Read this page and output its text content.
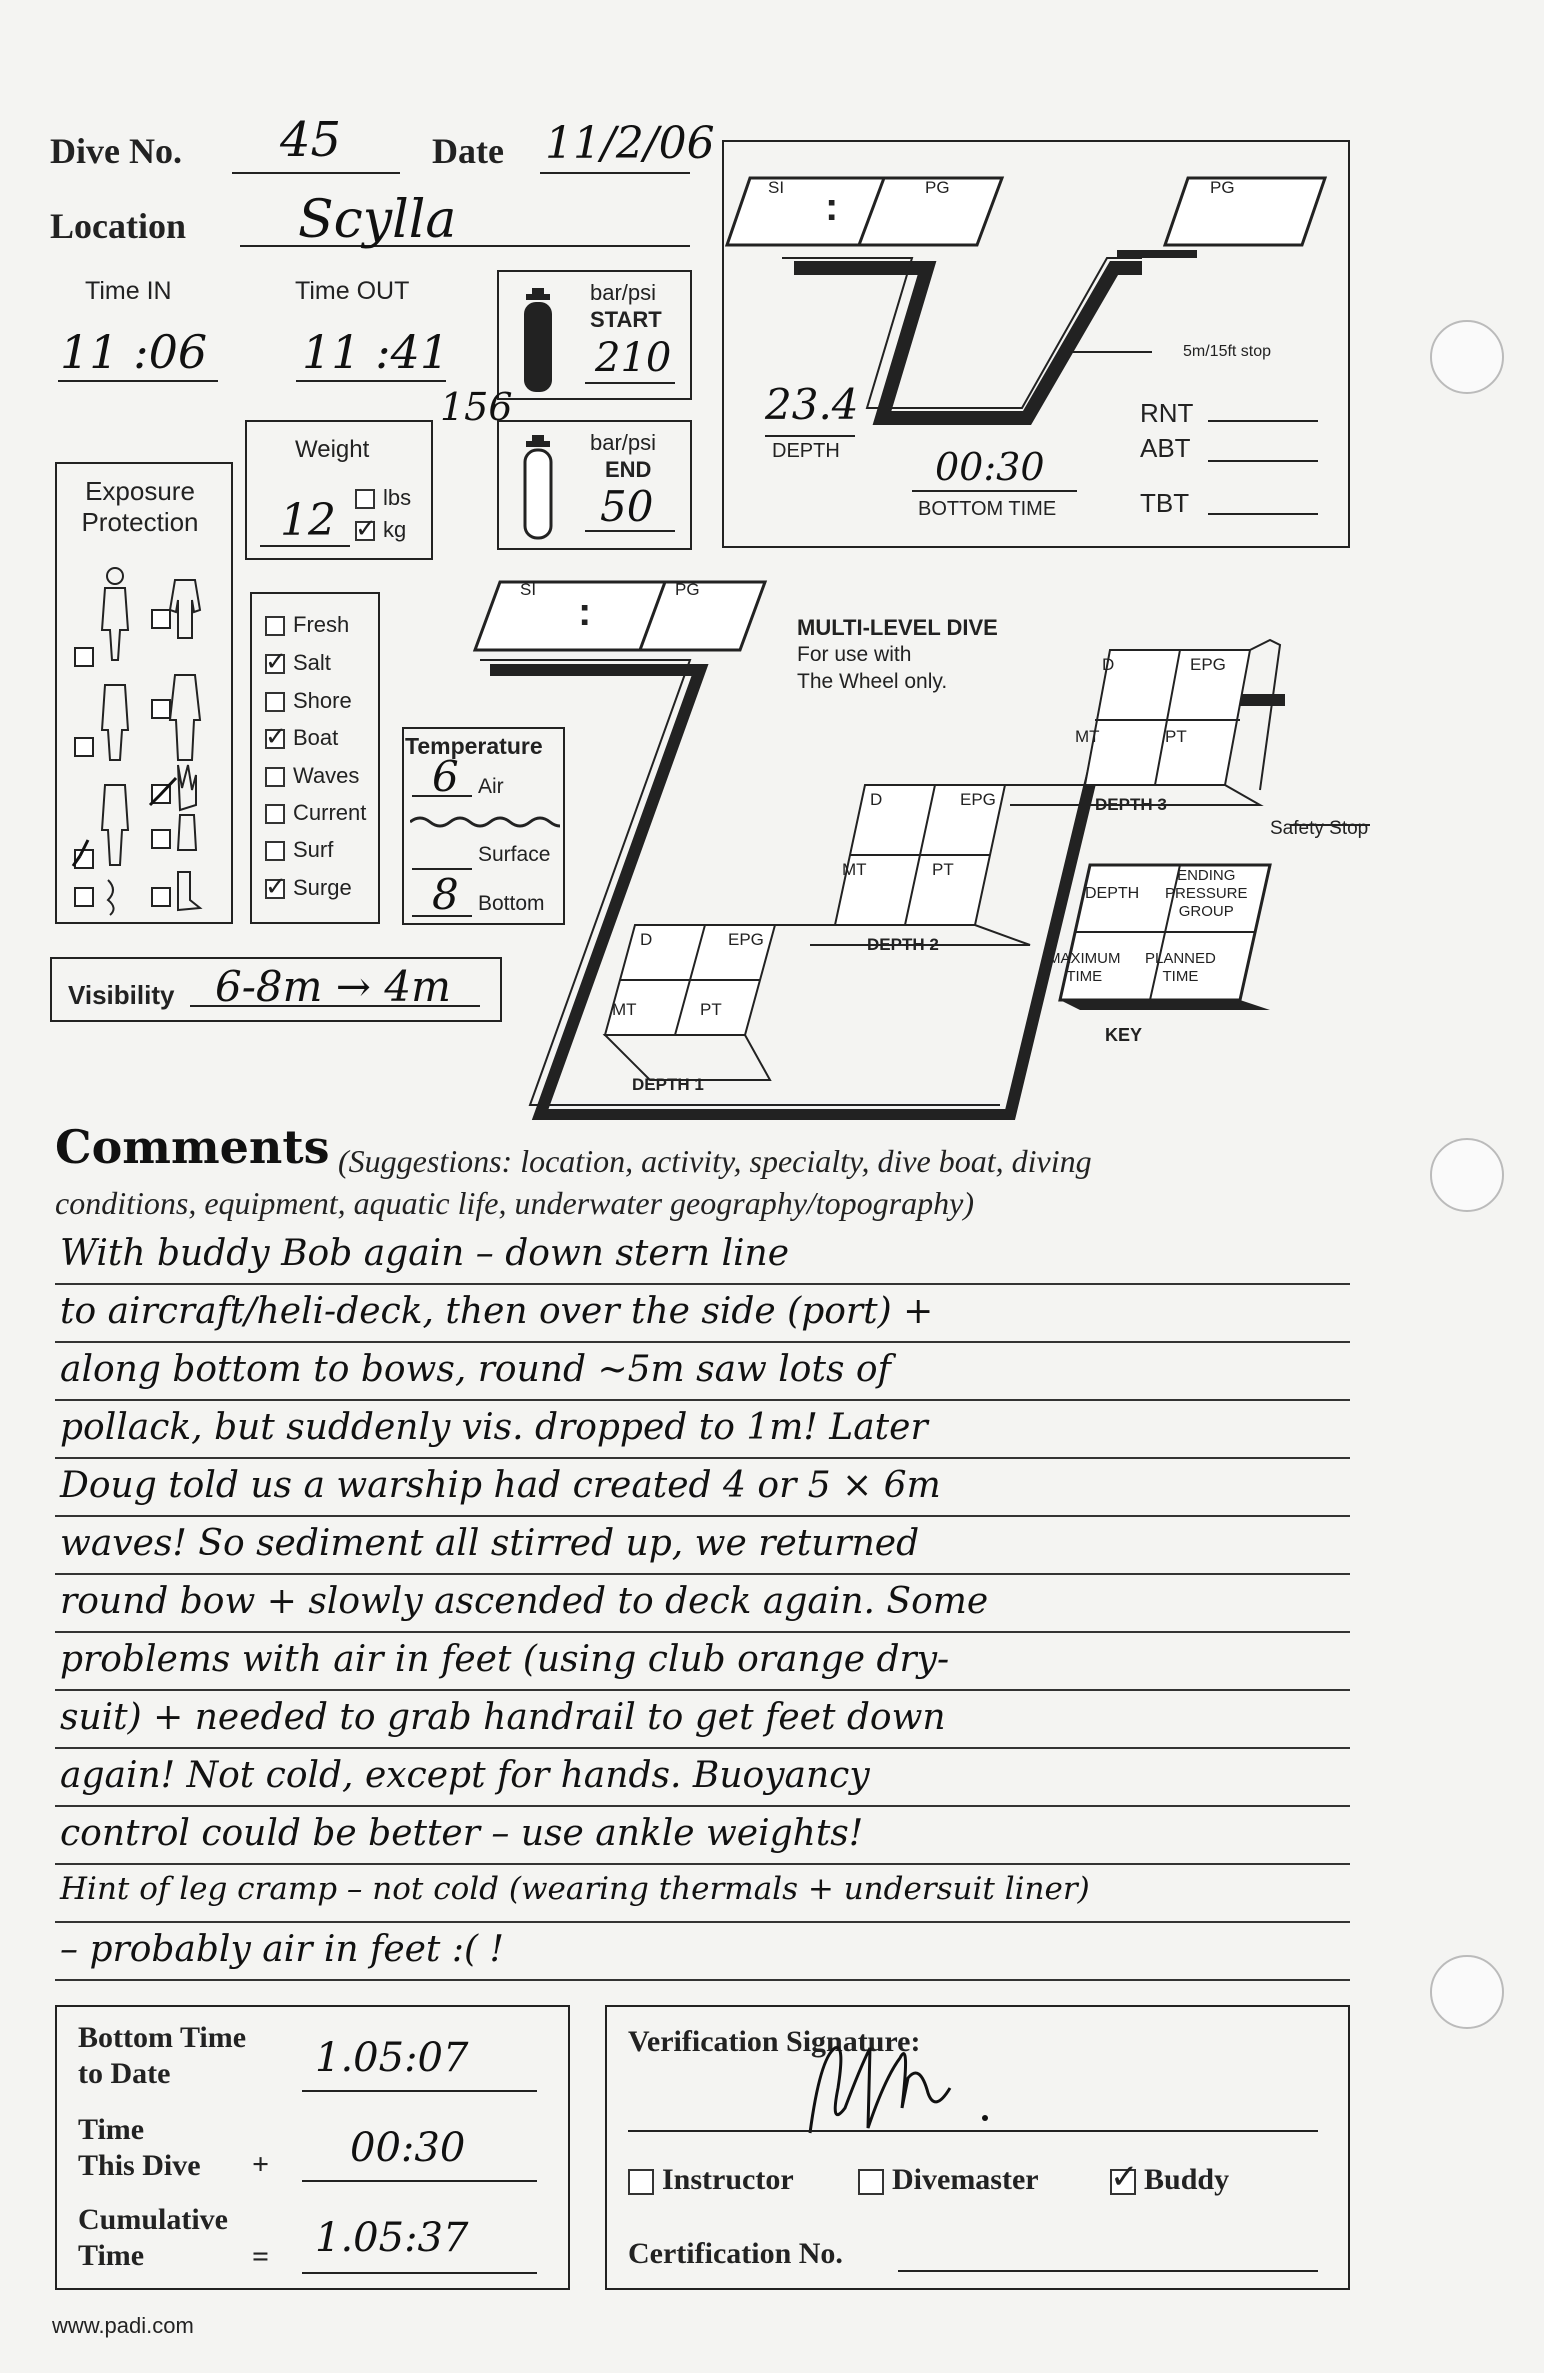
Dive No. 45	Date 11/2/06
Location Scylla
Time IN
11 :06
Time OUT
11 :41
bar/psi
START
210
156
bar/psi
END
50
Weight
12	lbs
✓ kg
Exposure
Protection
Fresh
✓ Salt
Shore
✓ Boat
Waves
Current
Surf
✓ Surge
Temperature
6 Air
Surface
8 Bottom
Visibility 6-8m → 4m
SI :	PG	PG
5m/15ft stop
23.4
DEPTH	00:30
BOTTOM TIME
RNT
ABT
TBT
SI
:
PG
MULTI-LEVEL DIVE
For use with
The Wheel only.
D	EPG
MT	PT
DEPTH 1
D	EPG
MT	PT
DEPTH 2
D	EPG
MT	PT
DEPTH 3
Safety Stop
DEPTH
ENDING
PRESSURE
GROUP
MAXIMUM
TIME
PLANNED
TIME
KEY
Comments (Suggestions: location, activity, specialty, dive boat, diving
conditions, equipment, aquatic life, underwater geography/topography)
With buddy Bob again – down stern line
to aircraft/heli-deck, then over the side (port) +
along bottom to bows, round ~5m saw lots of
pollack, but suddenly vis. dropped to 1m! Later
Doug told us a warship had created 4 or 5 × 6m
waves! So sediment all stirred up, we returned
round bow + slowly ascended to deck again. Some
problems with air in feet (using club orange dry-
suit) + needed to grab handrail to get feet down
again! Not cold, except for hands. Buoyancy
control could be better – use ankle weights!
Hint of leg cramp – not cold (wearing thermals + undersuit liner)
– probably air in feet :( !
Bottom Time
to Date	1.05:07
Time
This Dive + 00:30
Cumulative
Time	= 1.05:37
Verification Signature:
Instructor	Divemaster ✓ Buddy
Certification No.
www.padi.com
